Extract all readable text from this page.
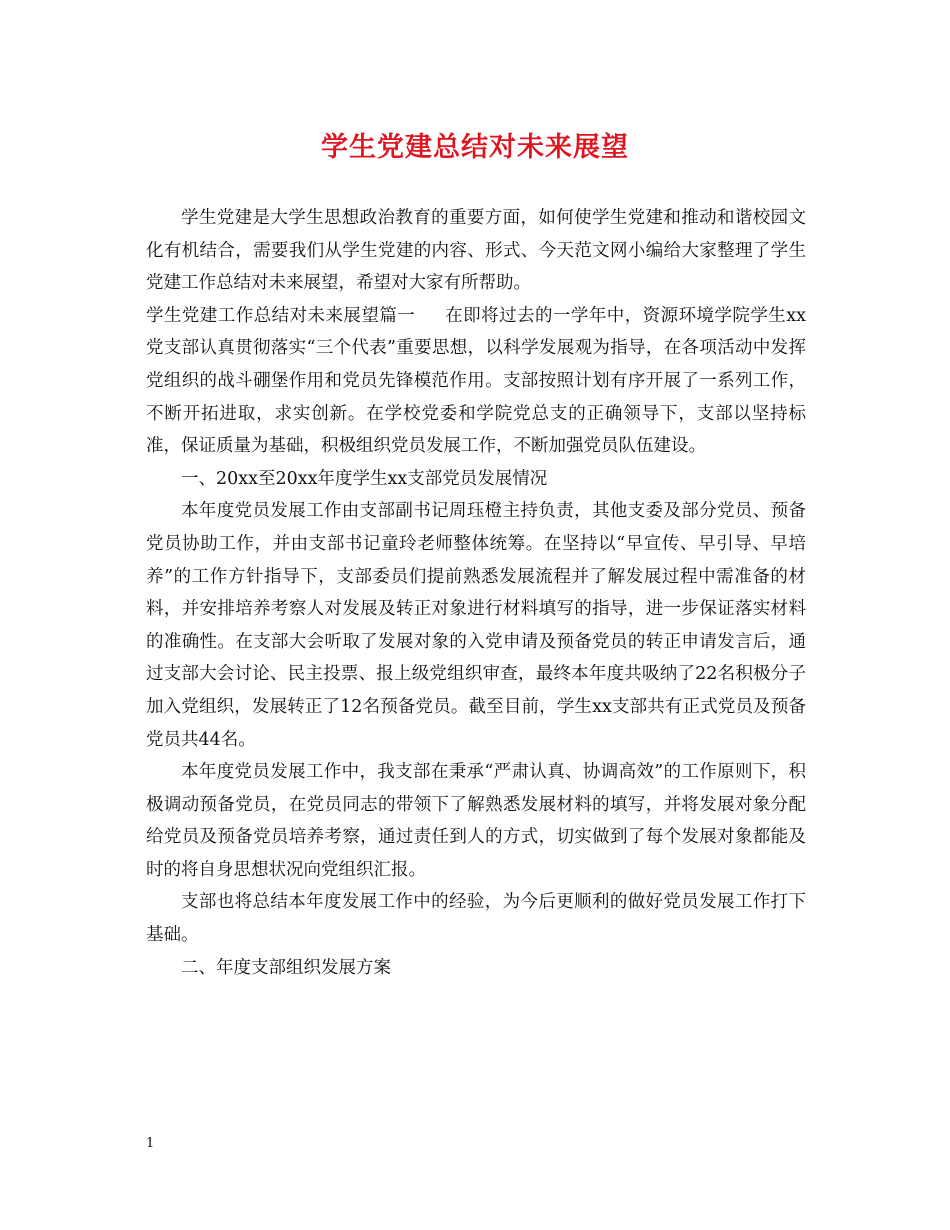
学生党建总结对未来展望

学生党建是大学生思想政治教育的重要方面，如何使学生党建和推动和谐校园文化有机结合，需要我们从学生党建的内容、形式、今天范文网小编给大家整理了学生党建工作总结对未来展望，希望对大家有所帮助。

学生党建工作总结对未来展望篇一 在即将过去的一学年中，资源环境学院学生xx党支部认真贯彻落实“三个代表”重要思想，以科学发展观为指导，在各项活动中发挥党组织的战斗硼堡作用和党员先锋模范作用。支部按照计划有序开展了一系列工作，不断开拓进取，求实创新。在学校党委和学院党总支的正确领导下，支部以坚持标准，保证质量为基础，积极组织党员发展工作，不断加强党员队伍建设。

一、20xx至20xx年度学生xx支部党员发展情况

本年度党员发展工作由支部副书记周珏橙主持负责，其他支委及部分党员、预备党员协助工作，并由支部书记童玲老师整体统筹。在坚持以“早宣传、早引导、早培养”的工作方针指导下，支部委员们提前熟悉发展流程并了解发展过程中需准备的材料，并安排培养考察人对发展及转正对象进行材料填写的指导，进一步保证落实材料的准确性。在支部大会听取了发展对象的入党申请及预备党员的转正申请发言后，通过支部大会讨论、民主投票、报上级党组织审查，最终本年度共吸纳了22名积极分子加入党组织，发展转正了12名预备党员。截至目前，学生xx支部共有正式党员及预备党员共44名。

本年度党员发展工作中，我支部在秉承“严肃认真、协调高效”的工作原则下，积极调动预备党员，在党员同志的带领下了解熟悉发展材料的填写，并将发展对象分配给党员及预备党员培养考察，通过责任到人的方式，切实做到了每个发展对象都能及时的将自身思想状况向党组织汇报。

支部也将总结本年度发展工作中的经验，为今后更顺利的做好党员发展工作打下基础。

二、年度支部组织发展方案

1
